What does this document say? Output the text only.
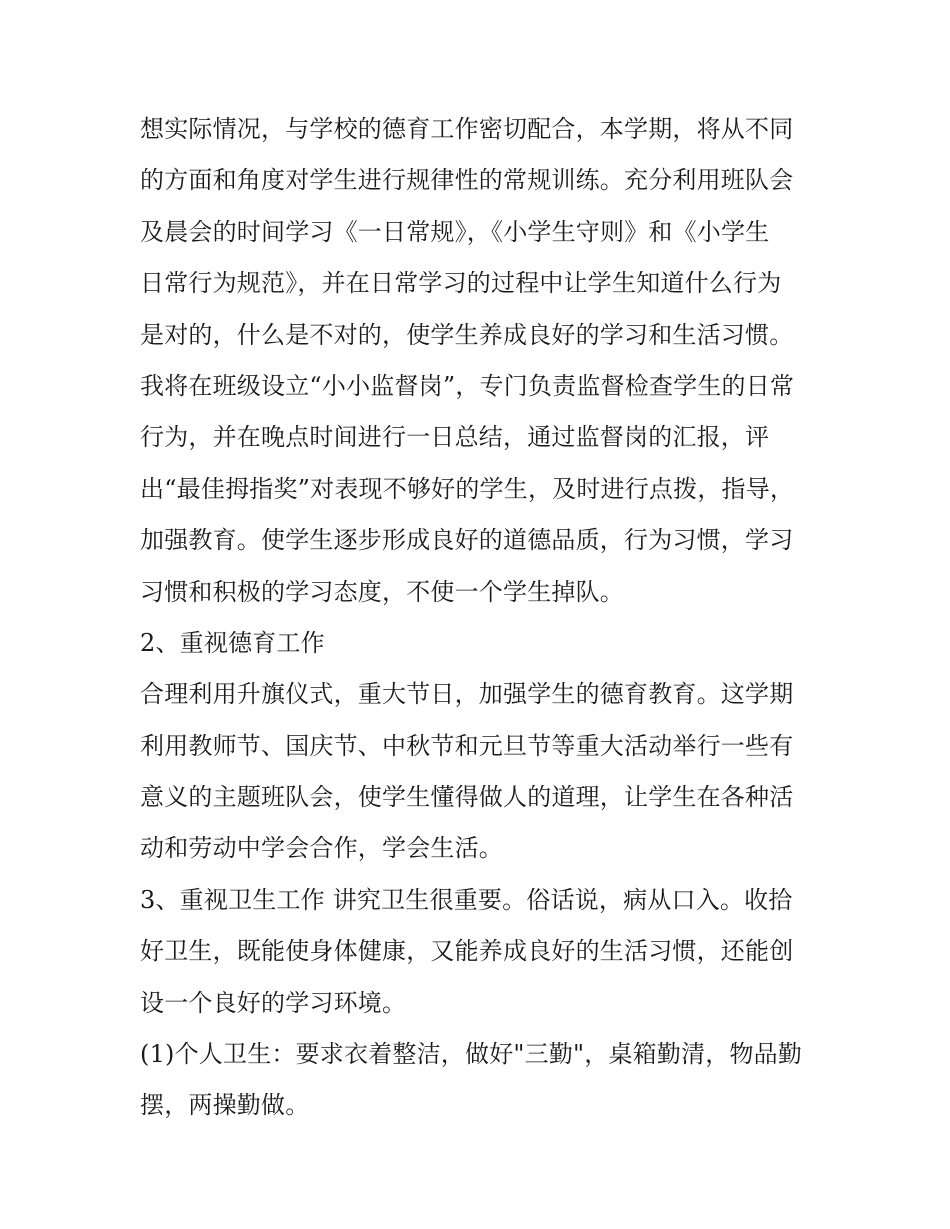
想实际情况，与学校的德育工作密切配合，本学期，将从不同
的方面和角度对学生进行规律性的常规训练。充分利用班队会
及晨会的时间学习《一日常规》，《小学生守则》和《小学生
日常行为规范》，并在日常学习的过程中让学生知道什么行为
是对的，什么是不对的，使学生养成良好的学习和生活习惯。
我将在班级设立“小小监督岗”，专门负责监督检查学生的日常
行为，并在晚点时间进行一日总结，通过监督岗的汇报，评
出“最佳拇指奖”对表现不够好的学生，及时进行点拨，指导，
加强教育。使学生逐步形成良好的道德品质，行为习惯，学习
习惯和积极的学习态度，不使一个学生掉队。
2、重视德育工作
合理利用升旗仪式，重大节日，加强学生的德育教育。这学期
利用教师节、国庆节、中秋节和元旦节等重大活动举行一些有
意义的主题班队会，使学生懂得做人的道理，让学生在各种活
动和劳动中学会合作，学会生活。
3、重视卫生工作 讲究卫生很重要。俗话说，病从口入。收拾
好卫生，既能使身体健康，又能养成良好的生活习惯，还能创
设一个良好的学习环境。
(1)个人卫生：要求衣着整洁，做好"三勤"，桌箱勤清，物品勤
摆，两操勤做。
